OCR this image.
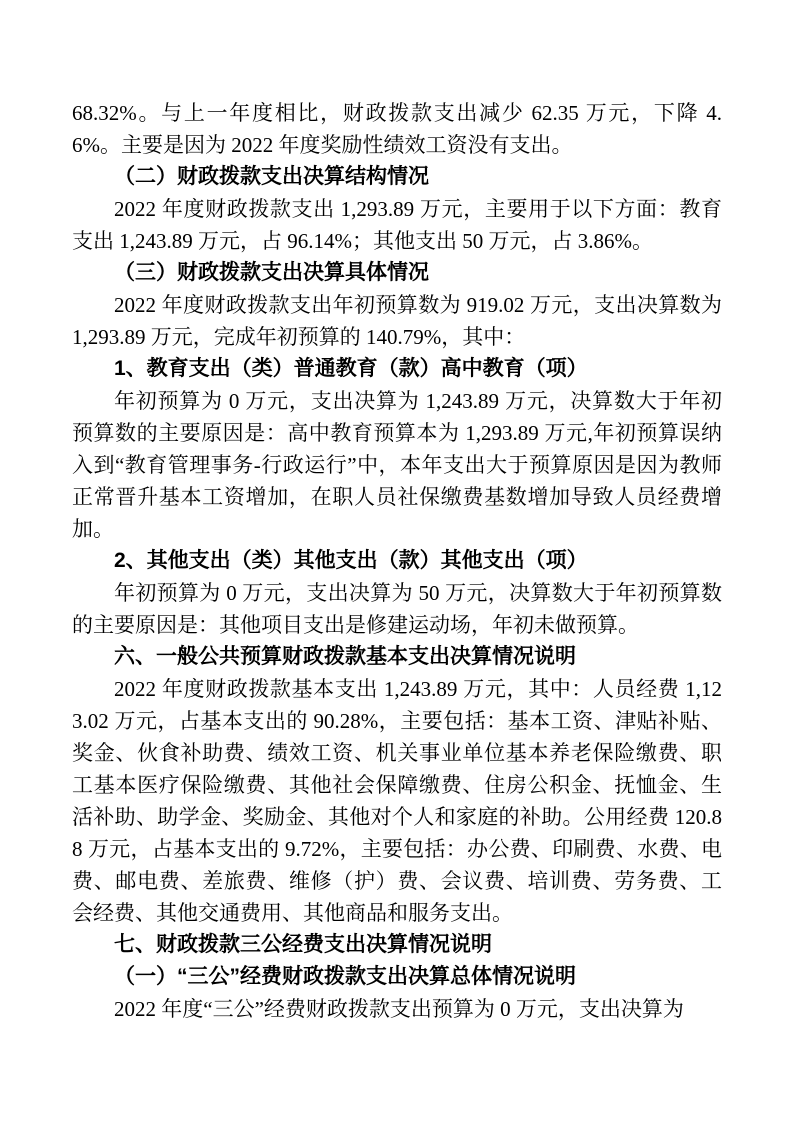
68.32%。与上一年度相比，财政拨款支出减少 62.35 万元，下降 4.6%。主要是因为 2022 年度奖励性绩效工资没有支出。

（二）财政拨款支出决算结构情况

2022 年度财政拨款支出 1,293.89 万元，主要用于以下方面：教育支出 1,243.89 万元，占 96.14%；其他支出 50 万元，占 3.86%。

（三）财政拨款支出决算具体情况

2022 年度财政拨款支出年初预算数为 919.02 万元，支出决算数为 1,293.89 万元，完成年初预算的 140.79%，其中：

1、教育支出（类）普通教育（款）高中教育（项）

年初预算为 0 万元，支出决算为 1,243.89 万元，决算数大于年初预算数的主要原因是：高中教育预算本为 1,293.89 万元,年初预算误纳入到“教育管理事务-行政运行”中，本年支出大于预算原因是因为教师正常晋升基本工资增加，在职人员社保缴费基数增加导致人员经费增加。

2、其他支出（类）其他支出（款）其他支出（项）

年初预算为 0 万元，支出决算为 50 万元，决算数大于年初预算数的主要原因是：其他项目支出是修建运动场，年初未做预算。

六、一般公共预算财政拨款基本支出决算情况说明

2022 年度财政拨款基本支出 1,243.89 万元，其中：人员经费 1,123.02 万元，占基本支出的 90.28%，主要包括：基本工资、津贴补贴、奖金、伙食补助费、绩效工资、机关事业单位基本养老保险缴费、职工基本医疗保险缴费、其他社会保障缴费、住房公积金、抚恤金、生活补助、助学金、奖励金、其他对个人和家庭的补助。公用经费 120.88 万元，占基本支出的 9.72%，主要包括：办公费、印刷费、水费、电费、邮电费、差旅费、维修（护）费、会议费、培训费、劳务费、工会经费、其他交通费用、其他商品和服务支出。

七、财政拨款三公经费支出决算情况说明

（一）“三公”经费财政拨款支出决算总体情况说明

2022 年度“三公”经费财政拨款支出预算为 0 万元，支出决算为
